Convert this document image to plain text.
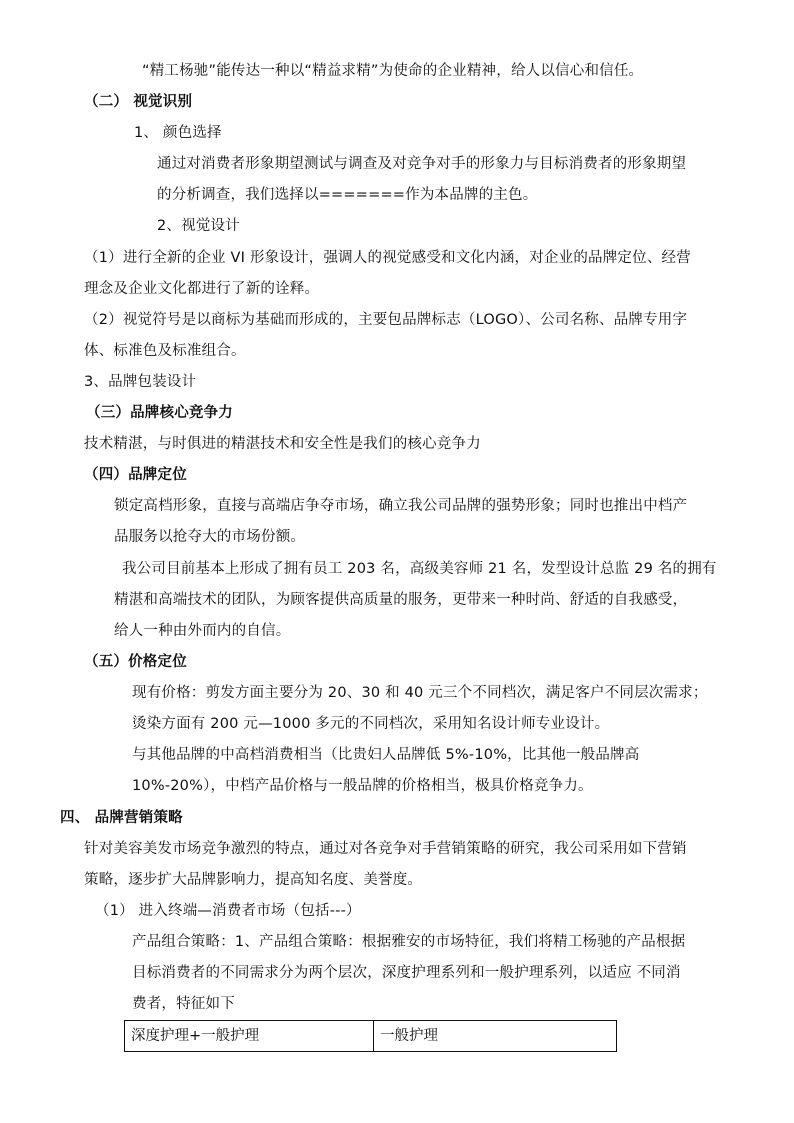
“精工杨驰”能传达一种以“精益求精”为使命的企业精神，给人以信心和信任。
（二） 视觉识别
1、 颜色选择
通过对消费者形象期望测试与调查及对竞争对手的形象力与目标消费者的形象期望
的分析调查，我们选择以=======作为本品牌的主色。
2、视觉设计
（1）进行全新的企业 VI 形象设计，强调人的视觉感受和文化内涵，对企业的品牌定位、经营
理念及企业文化都进行了新的诠释。
（2）视觉符号是以商标为基础而形成的，主要包品牌标志（LOGO）、公司名称、品牌专用字
体、标准色及标准组合。
3、品牌包装设计
（三）品牌核心竞争力
技术精湛，与时俱进的精湛技术和安全性是我们的核心竞争力
（四）品牌定位
锁定高档形象，直接与高端店争夺市场，确立我公司品牌的强势形象；同时也推出中档产
品服务以抢夺大的市场份额。
我公司目前基本上形成了拥有员工 203 名，高级美容师 21 名，发型设计总监 29 名的拥有
精湛和高端技术的团队，为顾客提供高质量的服务，更带来一种时尚、舒适的自我感受，
给人一种由外而内的自信。
（五）价格定位
现有价格：剪发方面主要分为 20、30 和 40 元三个不同档次，满足客户不同层次需求；
烫染方面有 200 元—1000 多元的不同档次，采用知名设计师专业设计。
与其他品牌的中高档消费相当（比贵妇人品牌低 5%-10%，比其他一般品牌高
10%-20%），中档产品价格与一般品牌的价格相当，极具价格竞争力。
四、 品牌营销策略
针对美容美发市场竞争激烈的特点，通过对各竞争对手营销策略的研究，我公司采用如下营销
策略，逐步扩大品牌影响力，提高知名度、美誉度。
（1） 进入终端—消费者市场（包括---）
产品组合策略：1、产品组合策略：根据雅安的市场特征，我们将精工杨驰的产品根据
目标消费者的不同需求分为两个层次，深度护理系列和一般护理系列，以适应 不同消
费者，特征如下
深度护理+一般护理	一般护理
